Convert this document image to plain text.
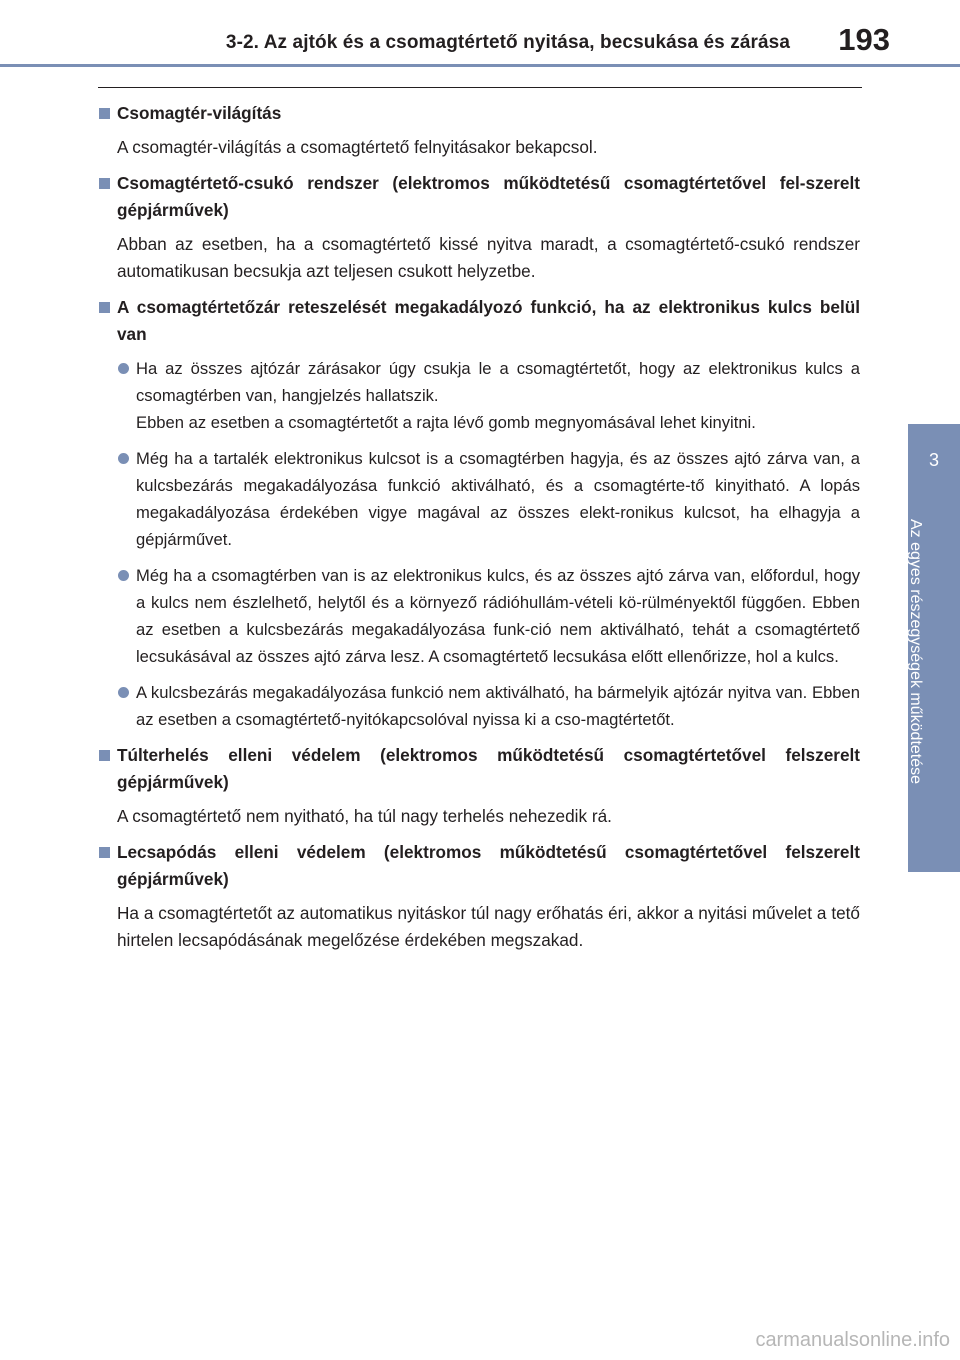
3-2. Az ajtók és a csomagtértető nyitása, becsukása és zárása 193
3
Az egyes részegységek működtetése
Csomagtér-világítás
A csomagtér-világítás a csomagtértető felnyitásakor bekapcsol.
Csomagtértető-csukó rendszer (elektromos működtetésű csomagtértetővel fel-szerelt gépjárművek)
Abban az esetben, ha a csomagtértető kissé nyitva maradt, a csomagtértető-csukó rendszer automatikusan becsukja azt teljesen csukott helyzetbe.
A csomagtértetőzár reteszelését megakadályozó funkció, ha az elektronikus kulcs belül van
Ha az összes ajtózár zárásakor úgy csukja le a csomagtértetőt, hogy az elektronikus kulcs a csomagtérben van, hangjelzés hallatszik.
Ebben az esetben a csomagtértetőt a rajta lévő gomb megnyomásával lehet kinyitni.
Még ha a tartalék elektronikus kulcsot is a csomagtérben hagyja, és az összes ajtó zárva van, a kulcsbezárás megakadályozása funkció aktiválható, és a csomagtérte-tő kinyitható. A lopás megakadályozása érdekében vigye magával az összes elekt-ronikus kulcsot, ha elhagyja a gépjárművet.
Még ha a csomagtérben van is az elektronikus kulcs, és az összes ajtó zárva van, előfordul, hogy a kulcs nem észlelhető, helytől és a környező rádióhullám-vételi kö-rülményektől függően. Ebben az esetben a kulcsbezárás megakadályozása funk-ció nem aktiválható, tehát a csomagtértető lecsukásával az összes ajtó zárva lesz. A csomagtértető lecsukása előtt ellenőrizze, hol a kulcs.
A kulcsbezárás megakadályozása funkció nem aktiválható, ha bármelyik ajtózár nyitva van. Ebben az esetben a csomagtértető-nyitókapcsolóval nyissa ki a cso-magtértetőt.
Túlterhelés elleni védelem (elektromos működtetésű csomagtértetővel felszerelt gépjárművek)
A csomagtértető nem nyitható, ha túl nagy terhelés nehezedik rá.
Lecsapódás elleni védelem (elektromos működtetésű csomagtértetővel felszerelt gépjárművek)
Ha a csomagtértetőt az automatikus nyitáskor túl nagy erőhatás éri, akkor a nyitási művelet a tető hirtelen lecsapódásának megelőzése érdekében megszakad.
carmanualsonline.info
